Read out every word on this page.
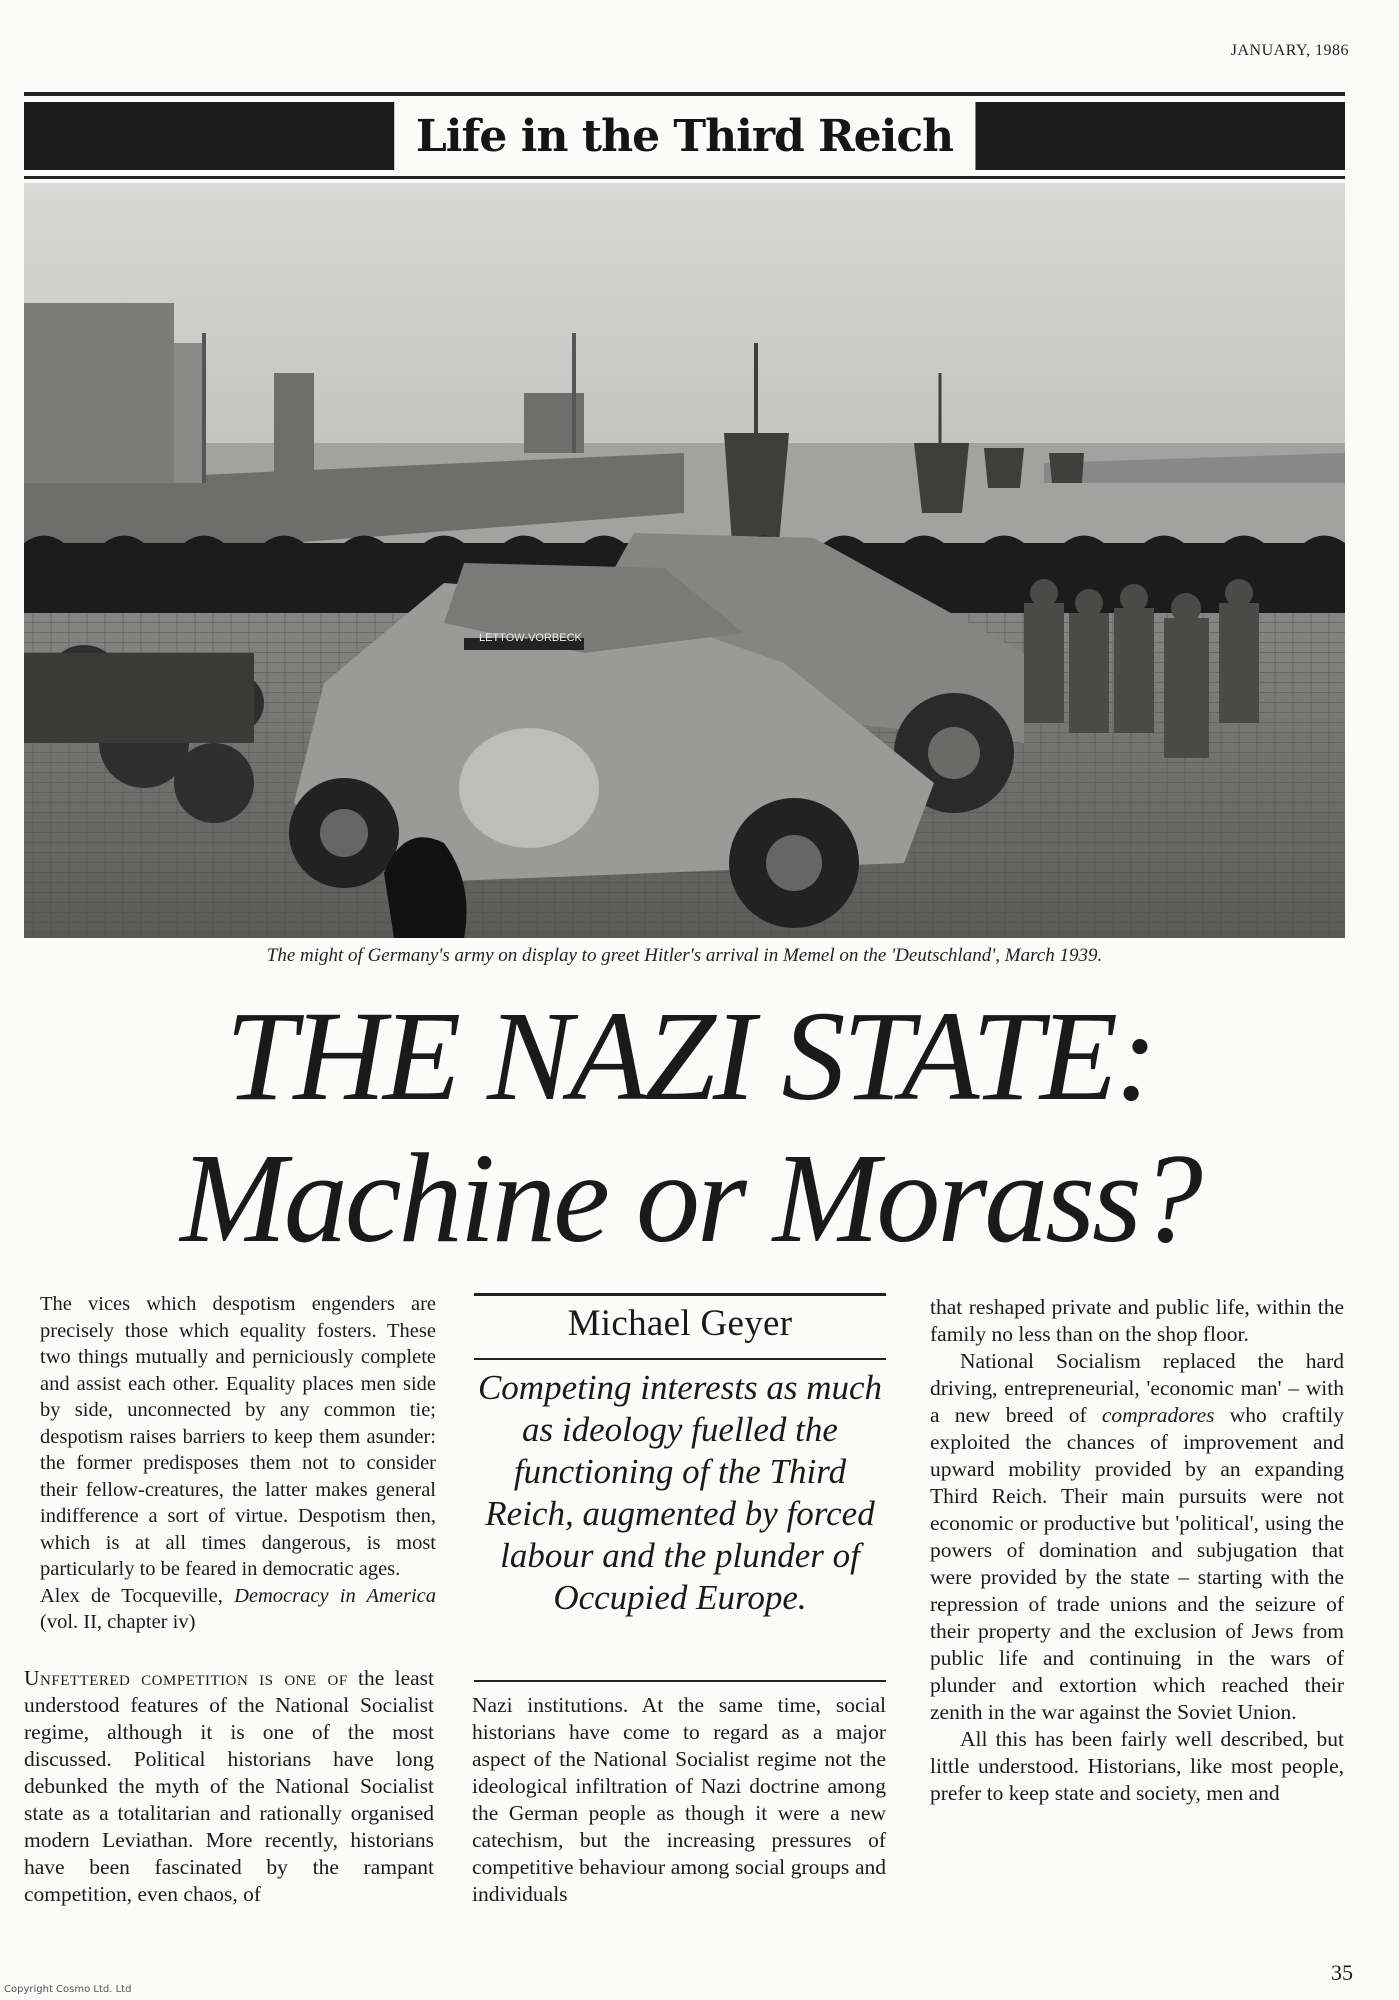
JANUARY, 1986
Life in the Third Reich
LETTOW-VORBECK
The might of Germany's army on display to greet Hitler's arrival in Memel on the 'Deutschland', March 1939.
THE NAZI STATE:
Machine or Morass?

The vices which despotism engenders are precisely those which equality fosters. These two things mutually and perniciously complete and assist each other. Equality places men side by side, unconnected by any common tie; despotism raises barriers to keep them asunder: the former predisposes them not to consider their fellow-creatures, the latter makes general indifference a sort of virtue. Despotism then, which is at all times dangerous, is most particularly to be feared in democratic ages.

Alex de Tocqueville, Democracy in America (vol. II, chapter iv)

Unfettered competition is one of the least understood features of the National Socialist regime, although it is one of the most discussed. Political historians have long debunked the myth of the National Socialist state as a totalitarian and rationally organised modern Leviathan. More recently, historians have been fascinated by the rampant competition, even chaos, of

Michael Geyer
Competing interests as much as ideology fuelled the functioning of the Third Reich, augmented by forced labour and the plunder of Occupied Europe.

Nazi institutions. At the same time, social historians have come to regard as a major aspect of the National Socialist regime not the ideological infiltration of Nazi doctrine among the German people as though it were a new catechism, but the increasing pressures of competitive behaviour among social groups and individuals

that reshaped private and public life, within the family no less than on the shop floor.

National Socialism replaced the hard driving, entrepreneurial, 'economic man' – with a new breed of compradores who craftily exploited the chances of improvement and upward mobility provided by an expanding Third Reich. Their main pursuits were not economic or productive but 'political', using the powers of domination and subjugation that were provided by the state – starting with the repression of trade unions and the seizure of their property and the exclusion of Jews from public life and continuing in the wars of plunder and extortion which reached their zenith in the war against the Soviet Union.

All this has been fairly well described, but little understood. Historians, like most people, prefer to keep state and society, men and

35
Copyright Cosmo Ltd. Ltd
